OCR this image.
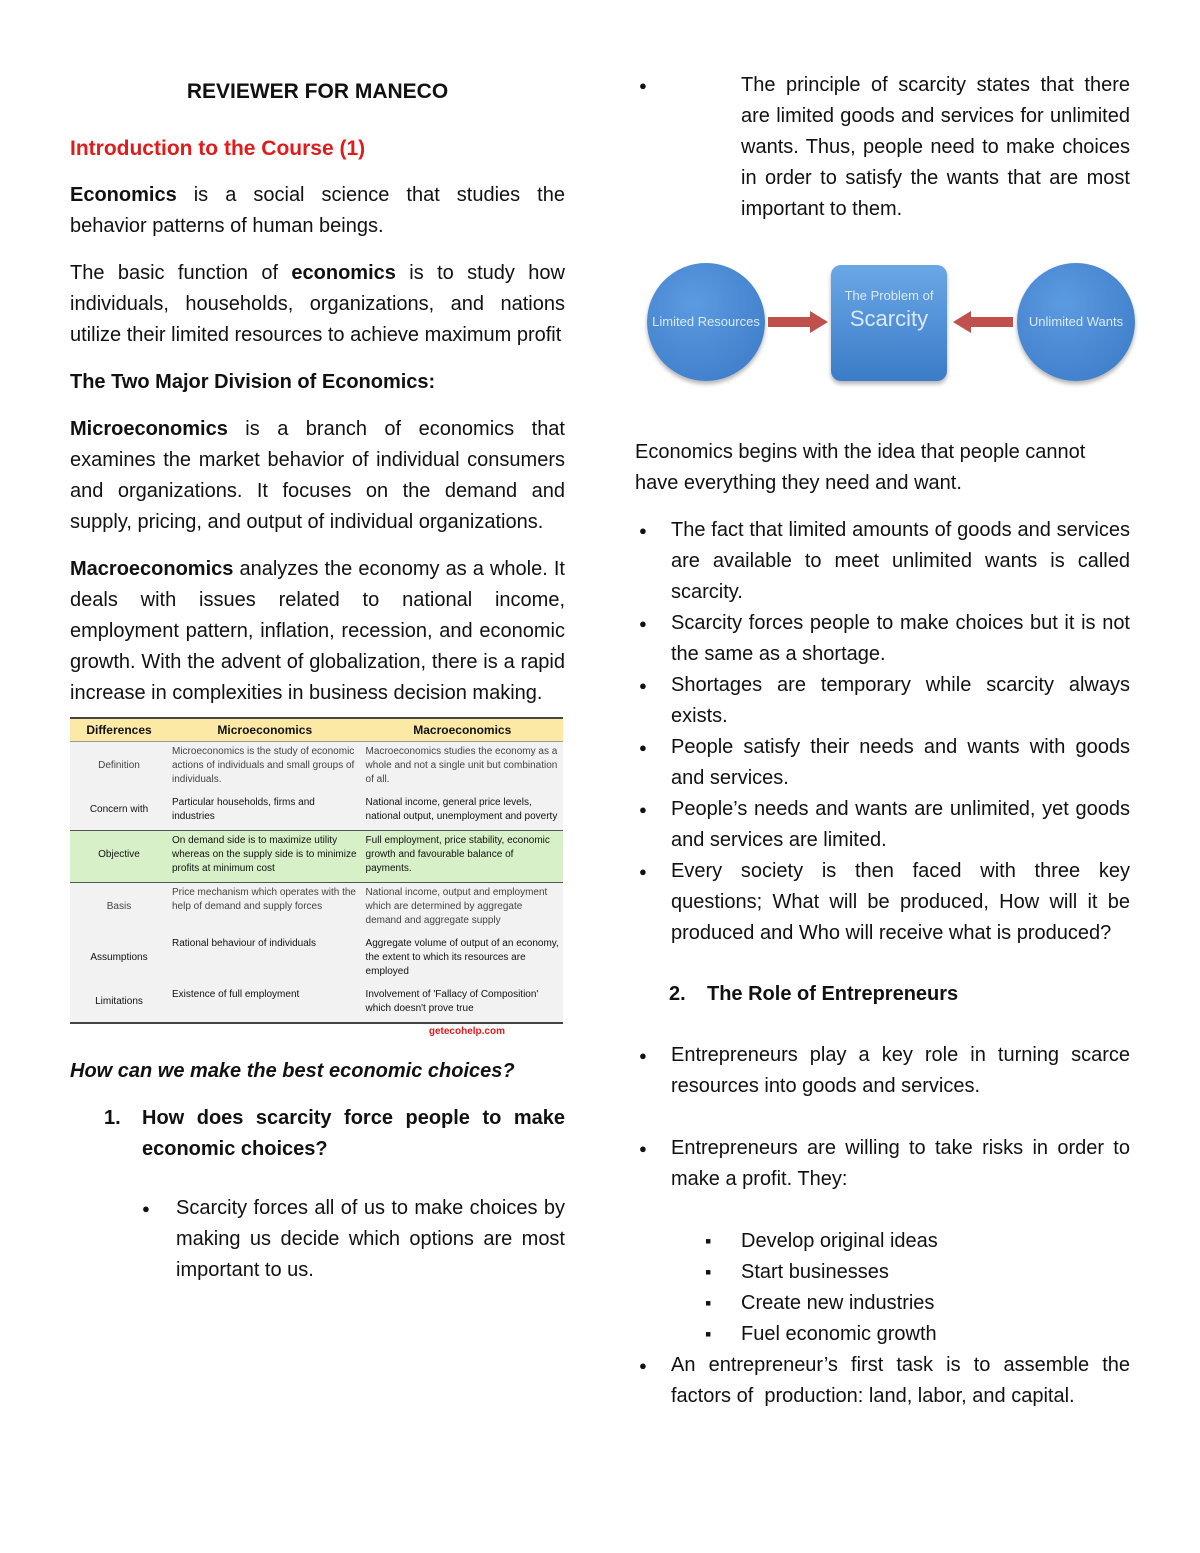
REVIEWER FOR MANECO
Introduction to the Course (1)

Economics is a social science that studies the behavior patterns of human beings.

The basic function of economics is to study how individuals, households, organizations, and nations utilize their limited resources to achieve maximum profit

The Two Major Division of Economics:

Microeconomics is a branch of economics that examines the market behavior of individual consumers and organizations. It focuses on the demand and supply, pricing, and output of individual organizations.

Macroeconomics analyzes the economy as a whole. It deals with issues related to national income, employment pattern, inflation, recession, and economic growth. With the advent of globalization, there is a rapid increase in complexities in business decision making.

Differences	Microeconomics	Macroeconomics
Definition	Microeconomics is the study of economic actions of individuals and small groups of individuals.	Macroeconomics studies the economy as a whole and not a single unit but combination of all.
Concern with	Particular households, firms and industries	National income, general price levels, national output, unemployment and poverty
Objective	On demand side is to maximize utility whereas on the supply side is to minimize profits at minimum cost	Full employment, price stability, economic growth and favourable balance of payments.
Basis	Price mechanism which operates with the help of demand and supply forces	National income, output and employment which are determined by aggregate demand and aggregate supply
Assumptions	Rational behaviour of individuals	Aggregate volume of output of an economy, the extent to which its resources are employed
Limitations	Existence of full employment	Involvement of 'Fallacy of Composition' which doesn't prove true
getecohelp.com
How can we make the best economic choices?
1. How does scarcity force people to make economic choices?
● Scarcity forces all of us to make choices by making us decide which options are most important to us.
● The principle of scarcity states that there are limited goods and services for unlimited wants. Thus, people need to make choices in order to satisfy the wants that are most important to them.
Limited Resources
The Problem of
Scarcity	Unlimited Wants

Economics begins with the idea that people cannot have everything they need and want.

● The fact that limited amounts of goods and services are available to meet unlimited wants is called scarcity.
● Scarcity forces people to make choices but it is not the same as a shortage.
● Shortages are temporary while scarcity always exists.
● People satisfy their needs and wants with goods and services.
● People’s needs and wants are unlimited, yet goods and services are limited.
● Every society is then faced with three key questions; What will be produced, How will it be produced and Who will receive what is produced?
2. The Role of Entrepreneurs
● Entrepreneurs play a key role in turning scarce resources into goods and services.
● Entrepreneurs are willing to take risks in order to make a profit. They:
▪ Develop original ideas
▪ Start businesses
▪ Create new industries
▪ Fuel economic growth
● An entrepreneur’s first task is to assemble the factors of  production: land, labor, and capital.
